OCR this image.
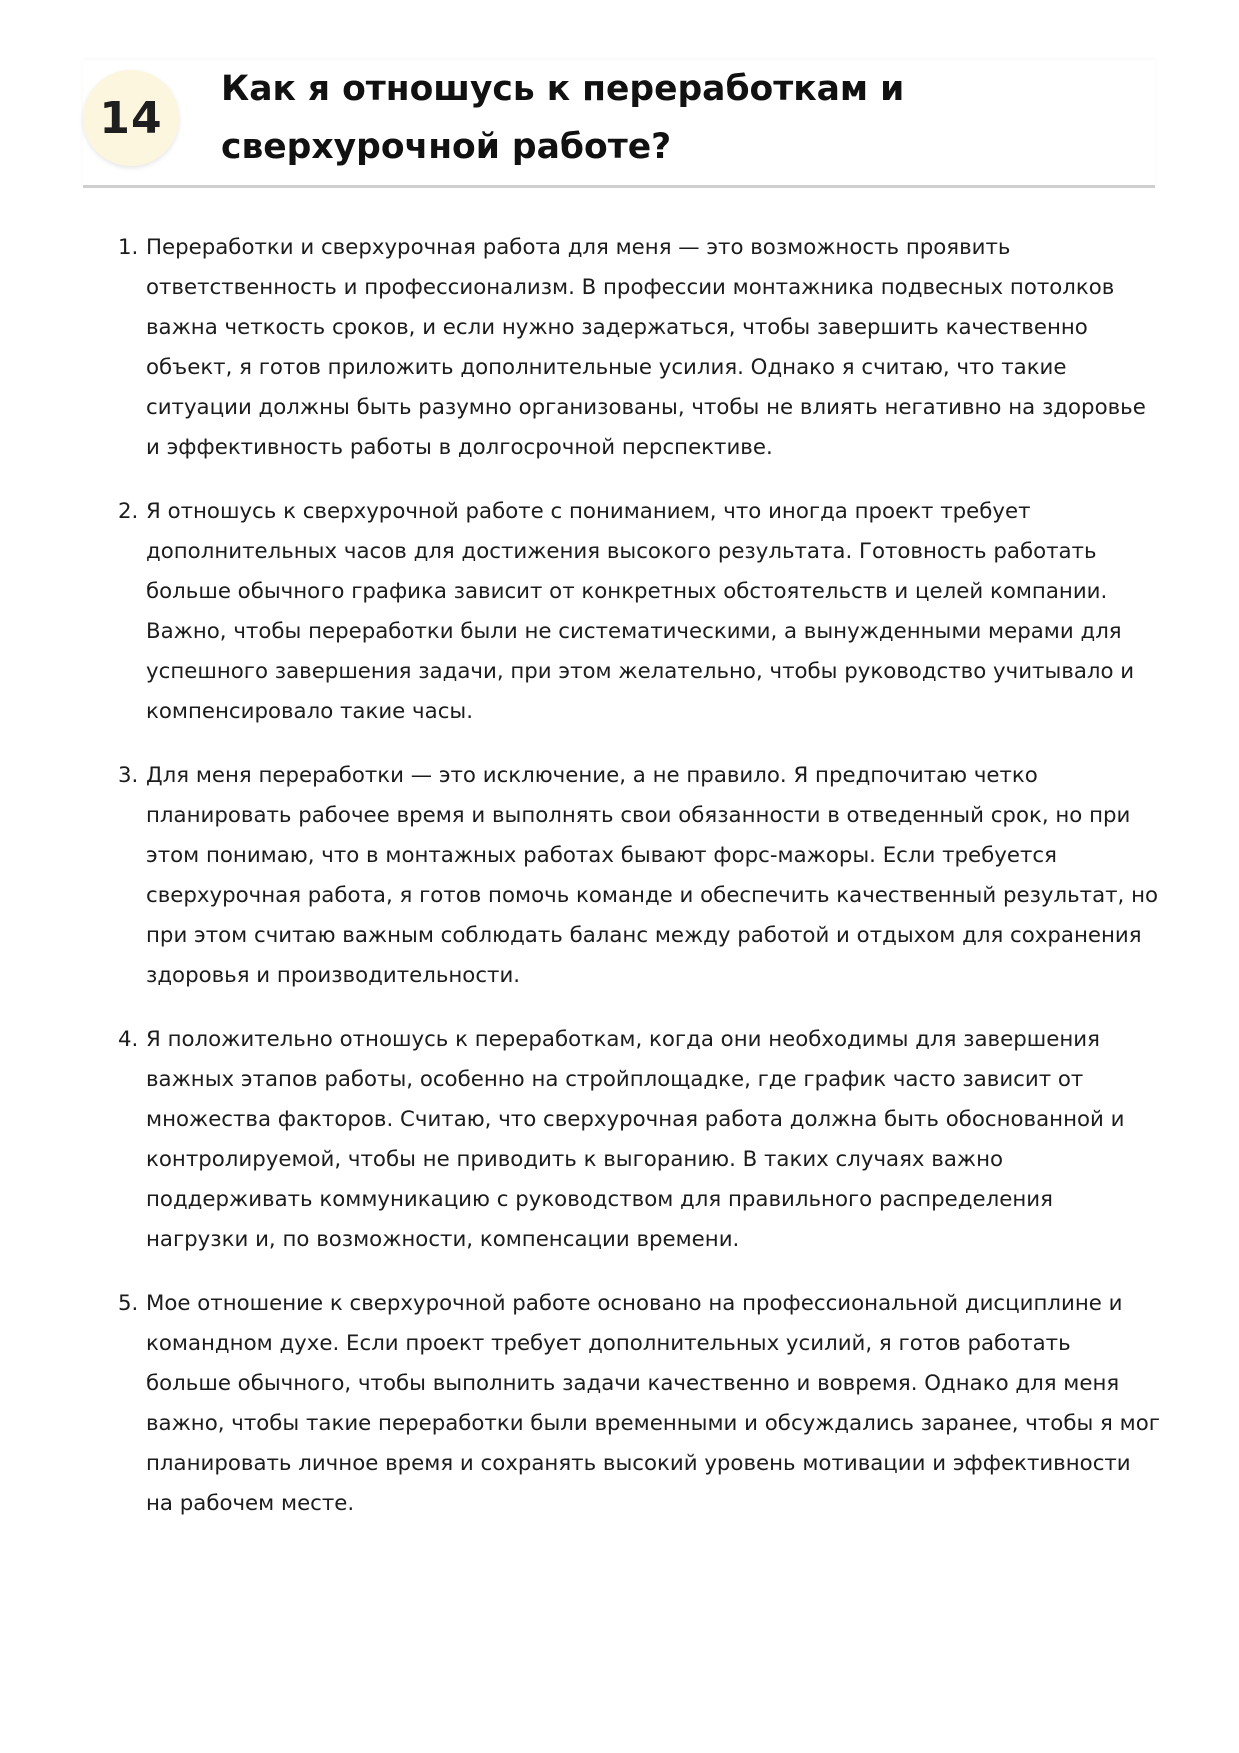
14
Как я отношусь к переработкам и сверхурочной работе?
1. Переработки и сверхурочная работа для меня — это возможность проявить ответственность и профессионализм. В профессии монтажника подвесных потолков важна четкость сроков, и если нужно задержаться, чтобы завершить качественно объект, я готов приложить дополнительные усилия. Однако я считаю, что такие ситуации должны быть разумно организованы, чтобы не влиять негативно на здоровье и эффективность работы в долгосрочной перспективе.
2. Я отношусь к сверхурочной работе с пониманием, что иногда проект требует дополнительных часов для достижения высокого результата. Готовность работать больше обычного графика зависит от конкретных обстоятельств и целей компании. Важно, чтобы переработки были не систематическими, а вынужденными мерами для успешного завершения задачи, при этом желательно, чтобы руководство учитывало и компенсировало такие часы.
3. Для меня переработки — это исключение, а не правило. Я предпочитаю четко планировать рабочее время и выполнять свои обязанности в отведенный срок, но при этом понимаю, что в монтажных работах бывают форс-мажоры. Если требуется сверхурочная работа, я готов помочь команде и обеспечить качественный результат, но при этом считаю важным соблюдать баланс между работой и отдыхом для сохранения здоровья и производительности.
4. Я положительно отношусь к переработкам, когда они необходимы для завершения важных этапов работы, особенно на стройплощадке, где график часто зависит от множества факторов. Считаю, что сверхурочная работа должна быть обоснованной и контролируемой, чтобы не приводить к выгоранию. В таких случаях важно поддерживать коммуникацию с руководством для правильного распределения нагрузки и, по возможности, компенсации времени.
5. Мое отношение к сверхурочной работе основано на профессиональной дисциплине и командном духе. Если проект требует дополнительных усилий, я готов работать больше обычного, чтобы выполнить задачи качественно и вовремя. Однако для меня важно, чтобы такие переработки были временными и обсуждались заранее, чтобы я мог планировать личное время и сохранять высокий уровень мотивации и эффективности на рабочем месте.
